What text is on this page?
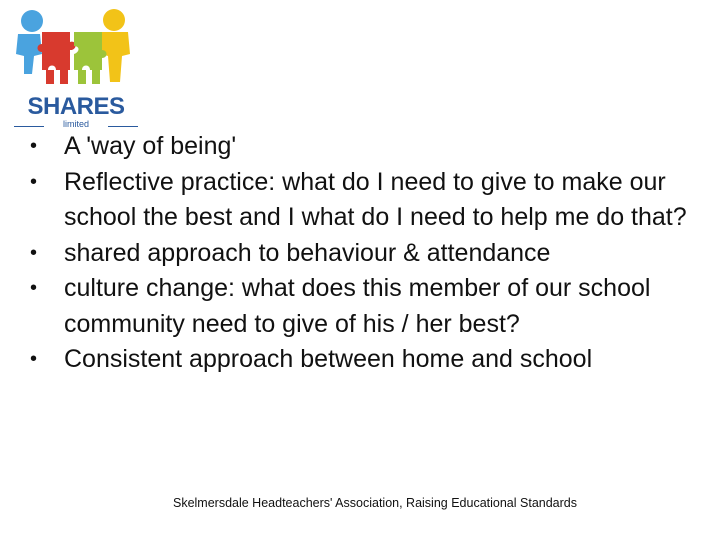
SHARES
limited
• A 'way of being'
• Reflective practice: what do I need to give to make our school the best and I what do I need to help me do that?
• shared approach to behaviour & attendance
• culture change: what does this member of our school community need to give of his / her best?
• Consistent approach between home and school
Skelmersdale Headteachers' Association, Raising Educational Standards
